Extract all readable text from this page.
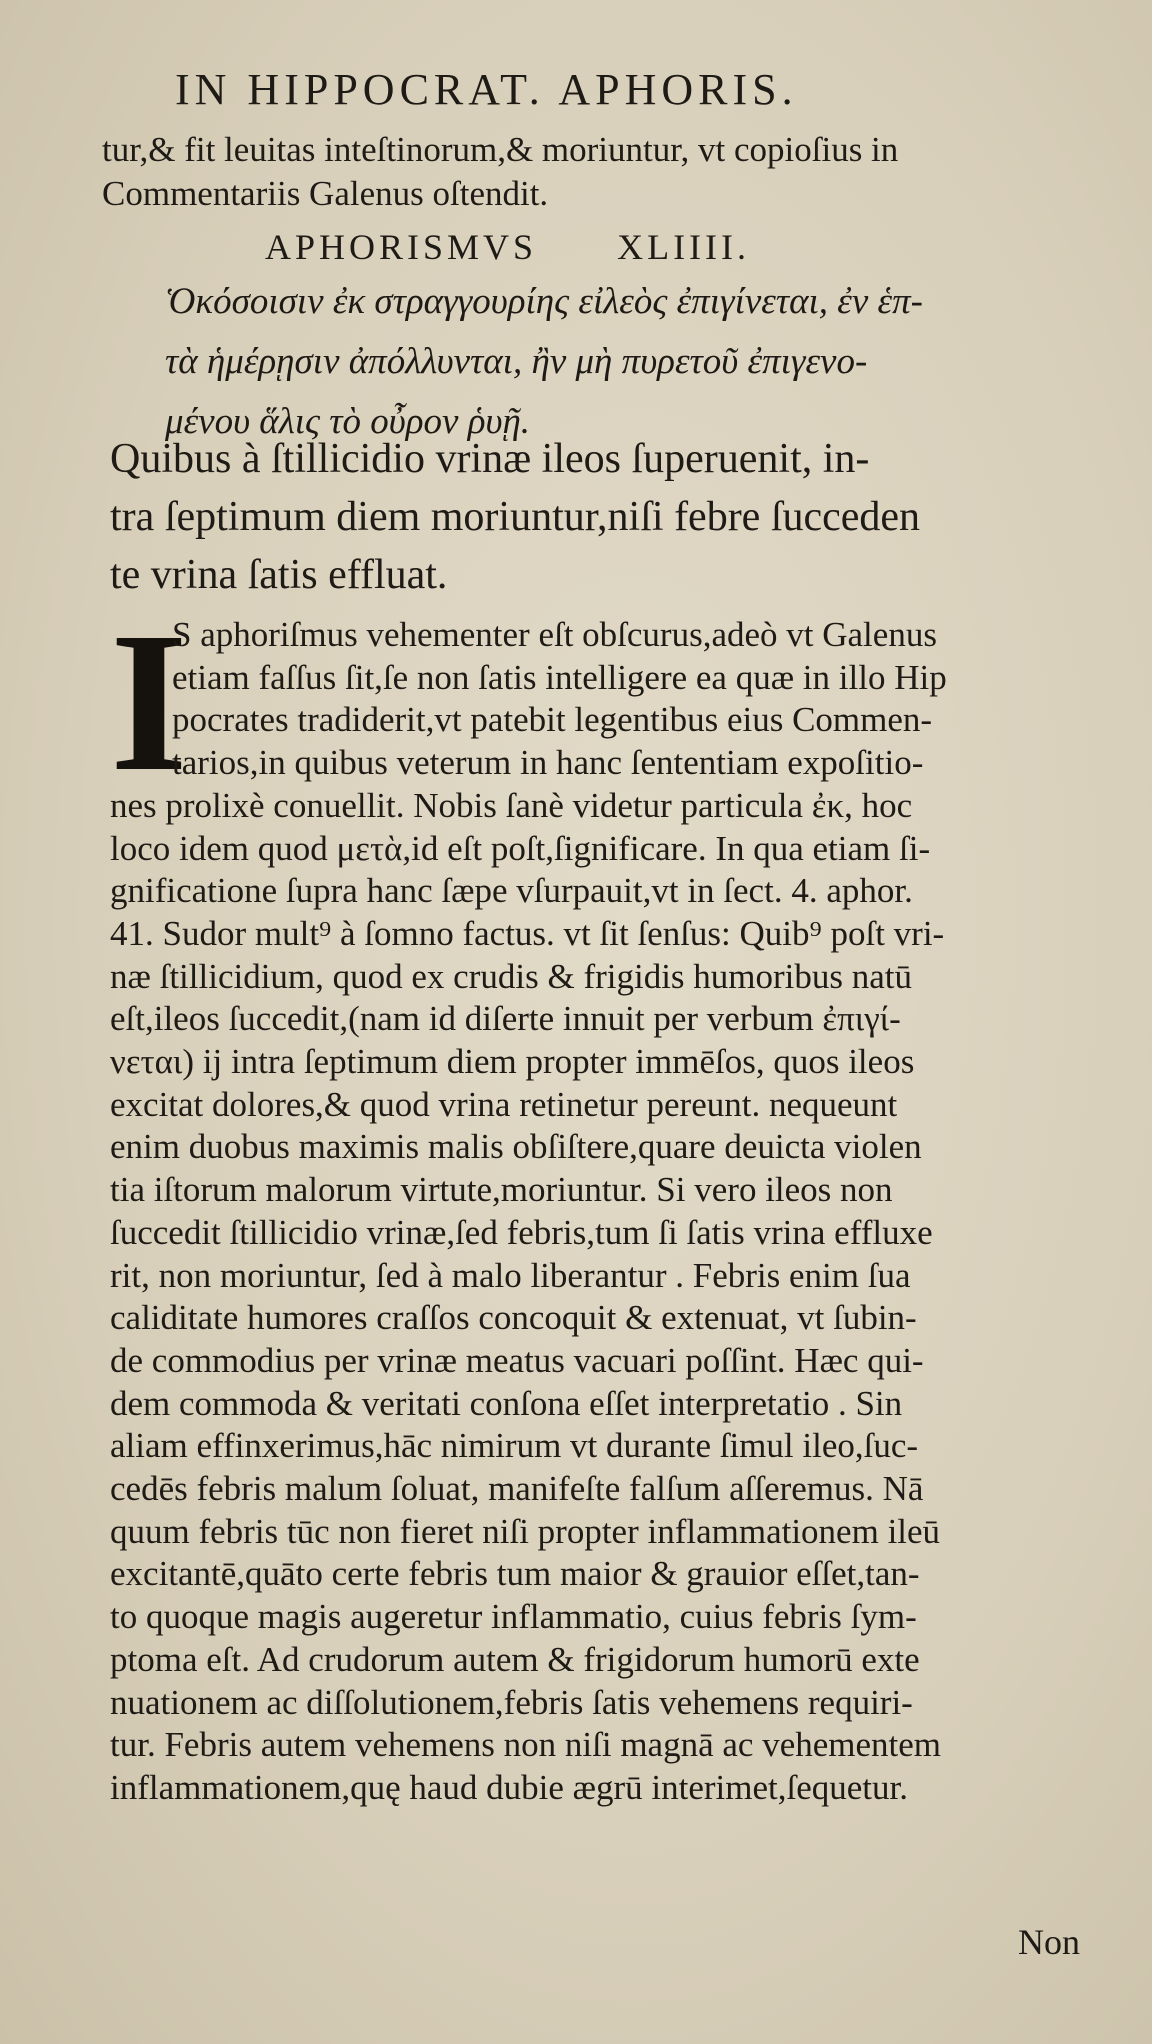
IN HIPPOCRAT. APHORIS.
tur,& fit leuitas inteſtinorum,& moriuntur, vt copioſius in
Commentariis Galenus oſtendit.
APHORISMVS XLIIII.
Ὁκόσοισιν ἐκ στραγγουρίης εἰλεὸς ἐπιγίνεται, ἐν ἑπ-
τὰ ἡμέρῃσιν ἀπόλλυνται, ἢν μὴ πυρετοῦ ἐπιγενο-
μένου ἅλις τὸ οὖρον ῥυῇ.
Quibus à ſtillicidio vrinæ ileos ſuperuenit, in-
tra ſeptimum diem moriuntur,niſi febre ſucceden
te vrina ſatis effluat.
I
S aphoriſmus vehementer eſt obſcurus,adeò vt Galenus
etiam faſſus ſit,ſe non ſatis intelligere ea quæ in illo Hip
pocrates tradiderit,vt patebit legentibus eius Commen-
tarios,in quibus veterum in hanc ſententiam expoſitio-
nes prolixè conuellit. Nobis ſanè videtur particula ἐκ, hoc
loco idem quod μετὰ,id eſt poſt,ſignificare. In qua etiam ſi-
gnificatione ſupra hanc ſæpe vſurpauit,vt in ſect. 4. aphor.
41. Sudor mult⁹ à ſomno factus. vt ſit ſenſus: Quib⁹ poſt vri-
næ ſtillicidium, quod ex crudis & frigidis humoribus natū
eſt,ileos ſuccedit,(nam id diſerte innuit per verbum ἐπιγί-
νεται) ij intra ſeptimum diem propter immēſos, quos ileos
excitat dolores,& quod vrina retinetur pereunt. nequeunt
enim duobus maximis malis obſiſtere,quare deuicta violen
tia iſtorum malorum virtute,moriuntur. Si vero ileos non
ſuccedit ſtillicidio vrinæ,ſed febris,tum ſi ſatis vrina effluxe
rit, non moriuntur, ſed à malo liberantur . Febris enim ſua
caliditate humores craſſos concoquit & extenuat, vt ſubin-
de commodius per vrinæ meatus vacuari poſſint. Hæc qui-
dem commoda & veritati conſona eſſet interpretatio . Sin
aliam effinxerimus,hāc nimirum vt durante ſimul ileo,ſuc-
cedēs febris malum ſoluat, manifeſte falſum aſſeremus. Nā
quum febris tūc non fieret niſi propter inflammationem ileū
excitantē,quāto certe febris tum maior & grauior eſſet,tan-
to quoque magis augeretur inflammatio, cuius febris ſym-
ptoma eſt. Ad crudorum autem & frigidorum humorū exte
nuationem ac diſſolutionem,febris ſatis vehemens requiri-
tur. Febris autem vehemens non niſi magnā ac vehementem
inflammationem,quę haud dubie ægrū interimet,ſequetur.
Non
